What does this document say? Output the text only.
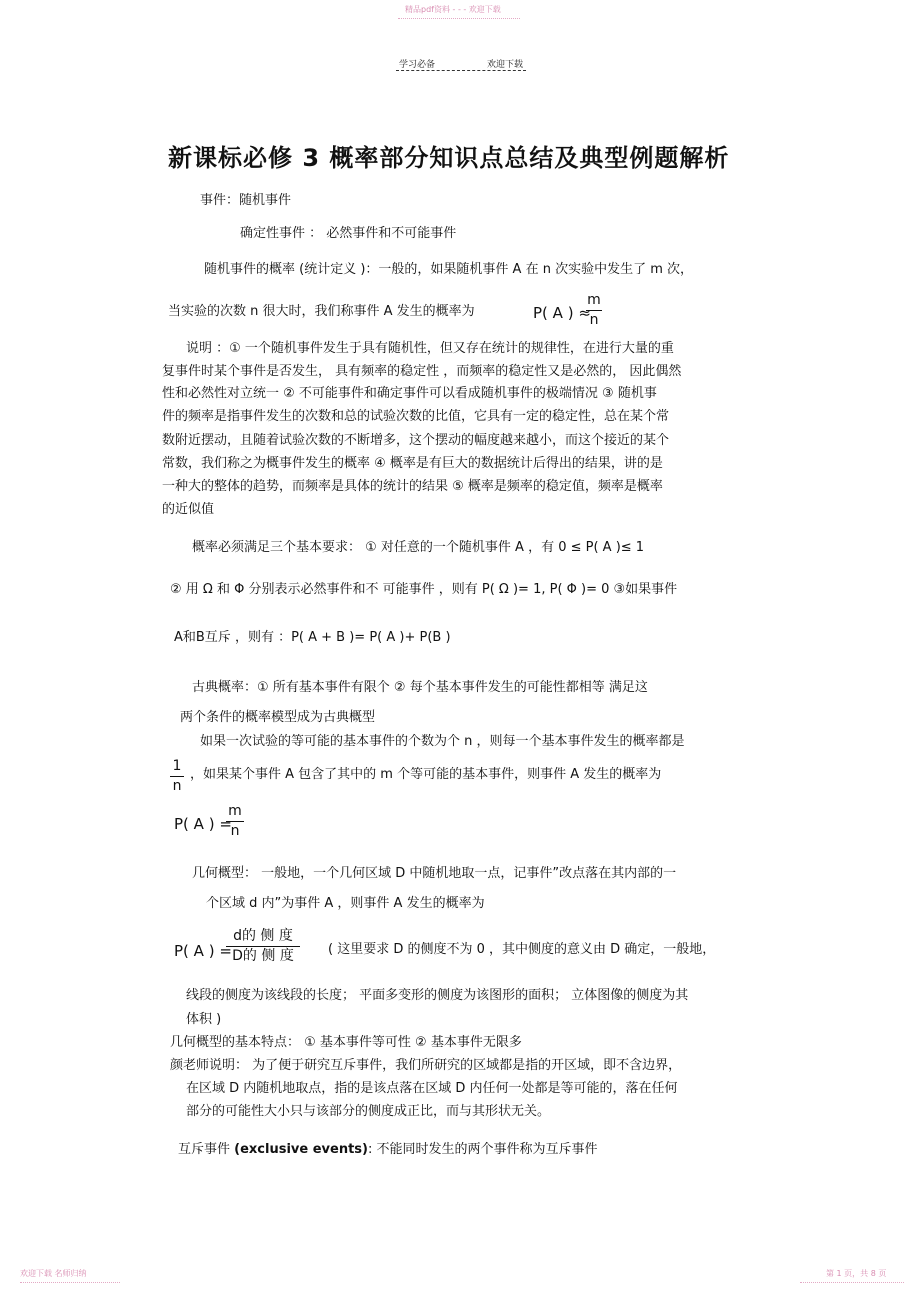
精品pdf资料 - - - 欢迎下载
学习必备	欢迎下载
新课标必修 3 概率部分知识点总结及典型例题解析
事件：随机事件
确定性事件 ： 必然事件和不可能事件
随机事件的概率 (统计定义 )：一般的，如果随机事件 A 在 n 次实验中发生了 m 次，
当实验的次数 n 很大时，我们称事件 A 发生的概率为	P( A ) ≈
m
n
说明 ：① 一个随机事件发生于具有随机性，但又存在统计的规律性，在进行大量的重
复事件时某个事件是否发生， 具有频率的稳定性 ，而频率的稳定性又是必然的， 因此偶然
性和必然性对立统一 ② 不可能事件和确定事件可以看成随机事件的极端情况 ③ 随机事
件的频率是指事件发生的次数和总的试验次数的比值，它具有一定的稳定性，总在某个常
数附近摆动，且随着试验次数的不断增多，这个摆动的幅度越来越小，而这个接近的某个
常数，我们称之为概事件发生的概率 ④ 概率是有巨大的数据统计后得出的结果，讲的是
一种大的整体的趋势，而频率是具体的统计的结果 ⑤ 概率是频率的稳定值，频率是概率
的近似值
概率必须满足三个基本要求： ① 对任意的一个随机事件 A ，有 0 ≤ P( A )≤ 1
② 用 Ω 和 Φ 分别表示必然事件和不 可能事件 ，则有 P( Ω )= 1, P( Φ )= 0 ③如果事件
A和B互斥 ，则有 ：P( A + B )= P( A )+ P(B )
古典概率：① 所有基本事件有限个 ② 每个基本事件发生的可能性都相等 满足这
两个条件的概率模型成为古典概型
如果一次试验的等可能的基本事件的个数为个 n ，则每一个基本事件发生的概率都是
1
n
，如果某个事件 A 包含了其中的 m 个等可能的基本事件，则事件 A 发生的概率为
P( A ) =
m
n
几何概型： 一般地，一个几何区域 D 中随机地取一点，记事件”改点落在其内部的一
个区域 d 内”为事件 A ，则事件 A 发生的概率为
P( A ) =
d的 侧 度
D的 侧 度	( 这里要求 D 的侧度不为 0 ，其中侧度的意义由 D 确定，一般地，
线段的侧度为该线段的长度； 平面多变形的侧度为该图形的面积； 立体图像的侧度为其
体积 )
几何概型的基本特点： ① 基本事件等可性 ② 基本事件无限多
颜老师说明： 为了便于研究互斥事件，我们所研究的区域都是指的开区域，即不含边界，
在区域 D 内随机地取点，指的是该点落在区域 D 内任何一处都是等可能的，落在任何
部分的可能性大小只与该部分的侧度成正比，而与其形状无关。
互斥事件 (exclusive events): 不能同时发生的两个事件称为互斥事件
欢迎下载 名师归纳	第 1 页，共 8 页
